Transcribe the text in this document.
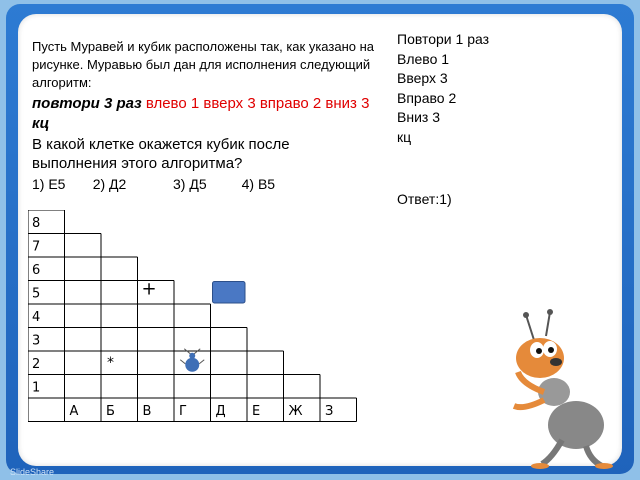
Пусть Муравей и кубик расположены так, как указано на рисунке. Муравью был дан для исполнения следующий алгоритм:
повтори 3 раз влево 1 вверх 3 вправо 2 вниз 3 кц
В какой клетке окажется кубик после выполнения этого алгоритма?
1) Е5 2) Д2	3) Д5	4) В5
Повтори 1 раз
Влево 1
Вверх 3
Вправо 2
Вниз 3
кц
Ответ:1)
8
7
6
5
4
3
2
1
А Б В Г Д Е Ж З
+
*
SlideShare
